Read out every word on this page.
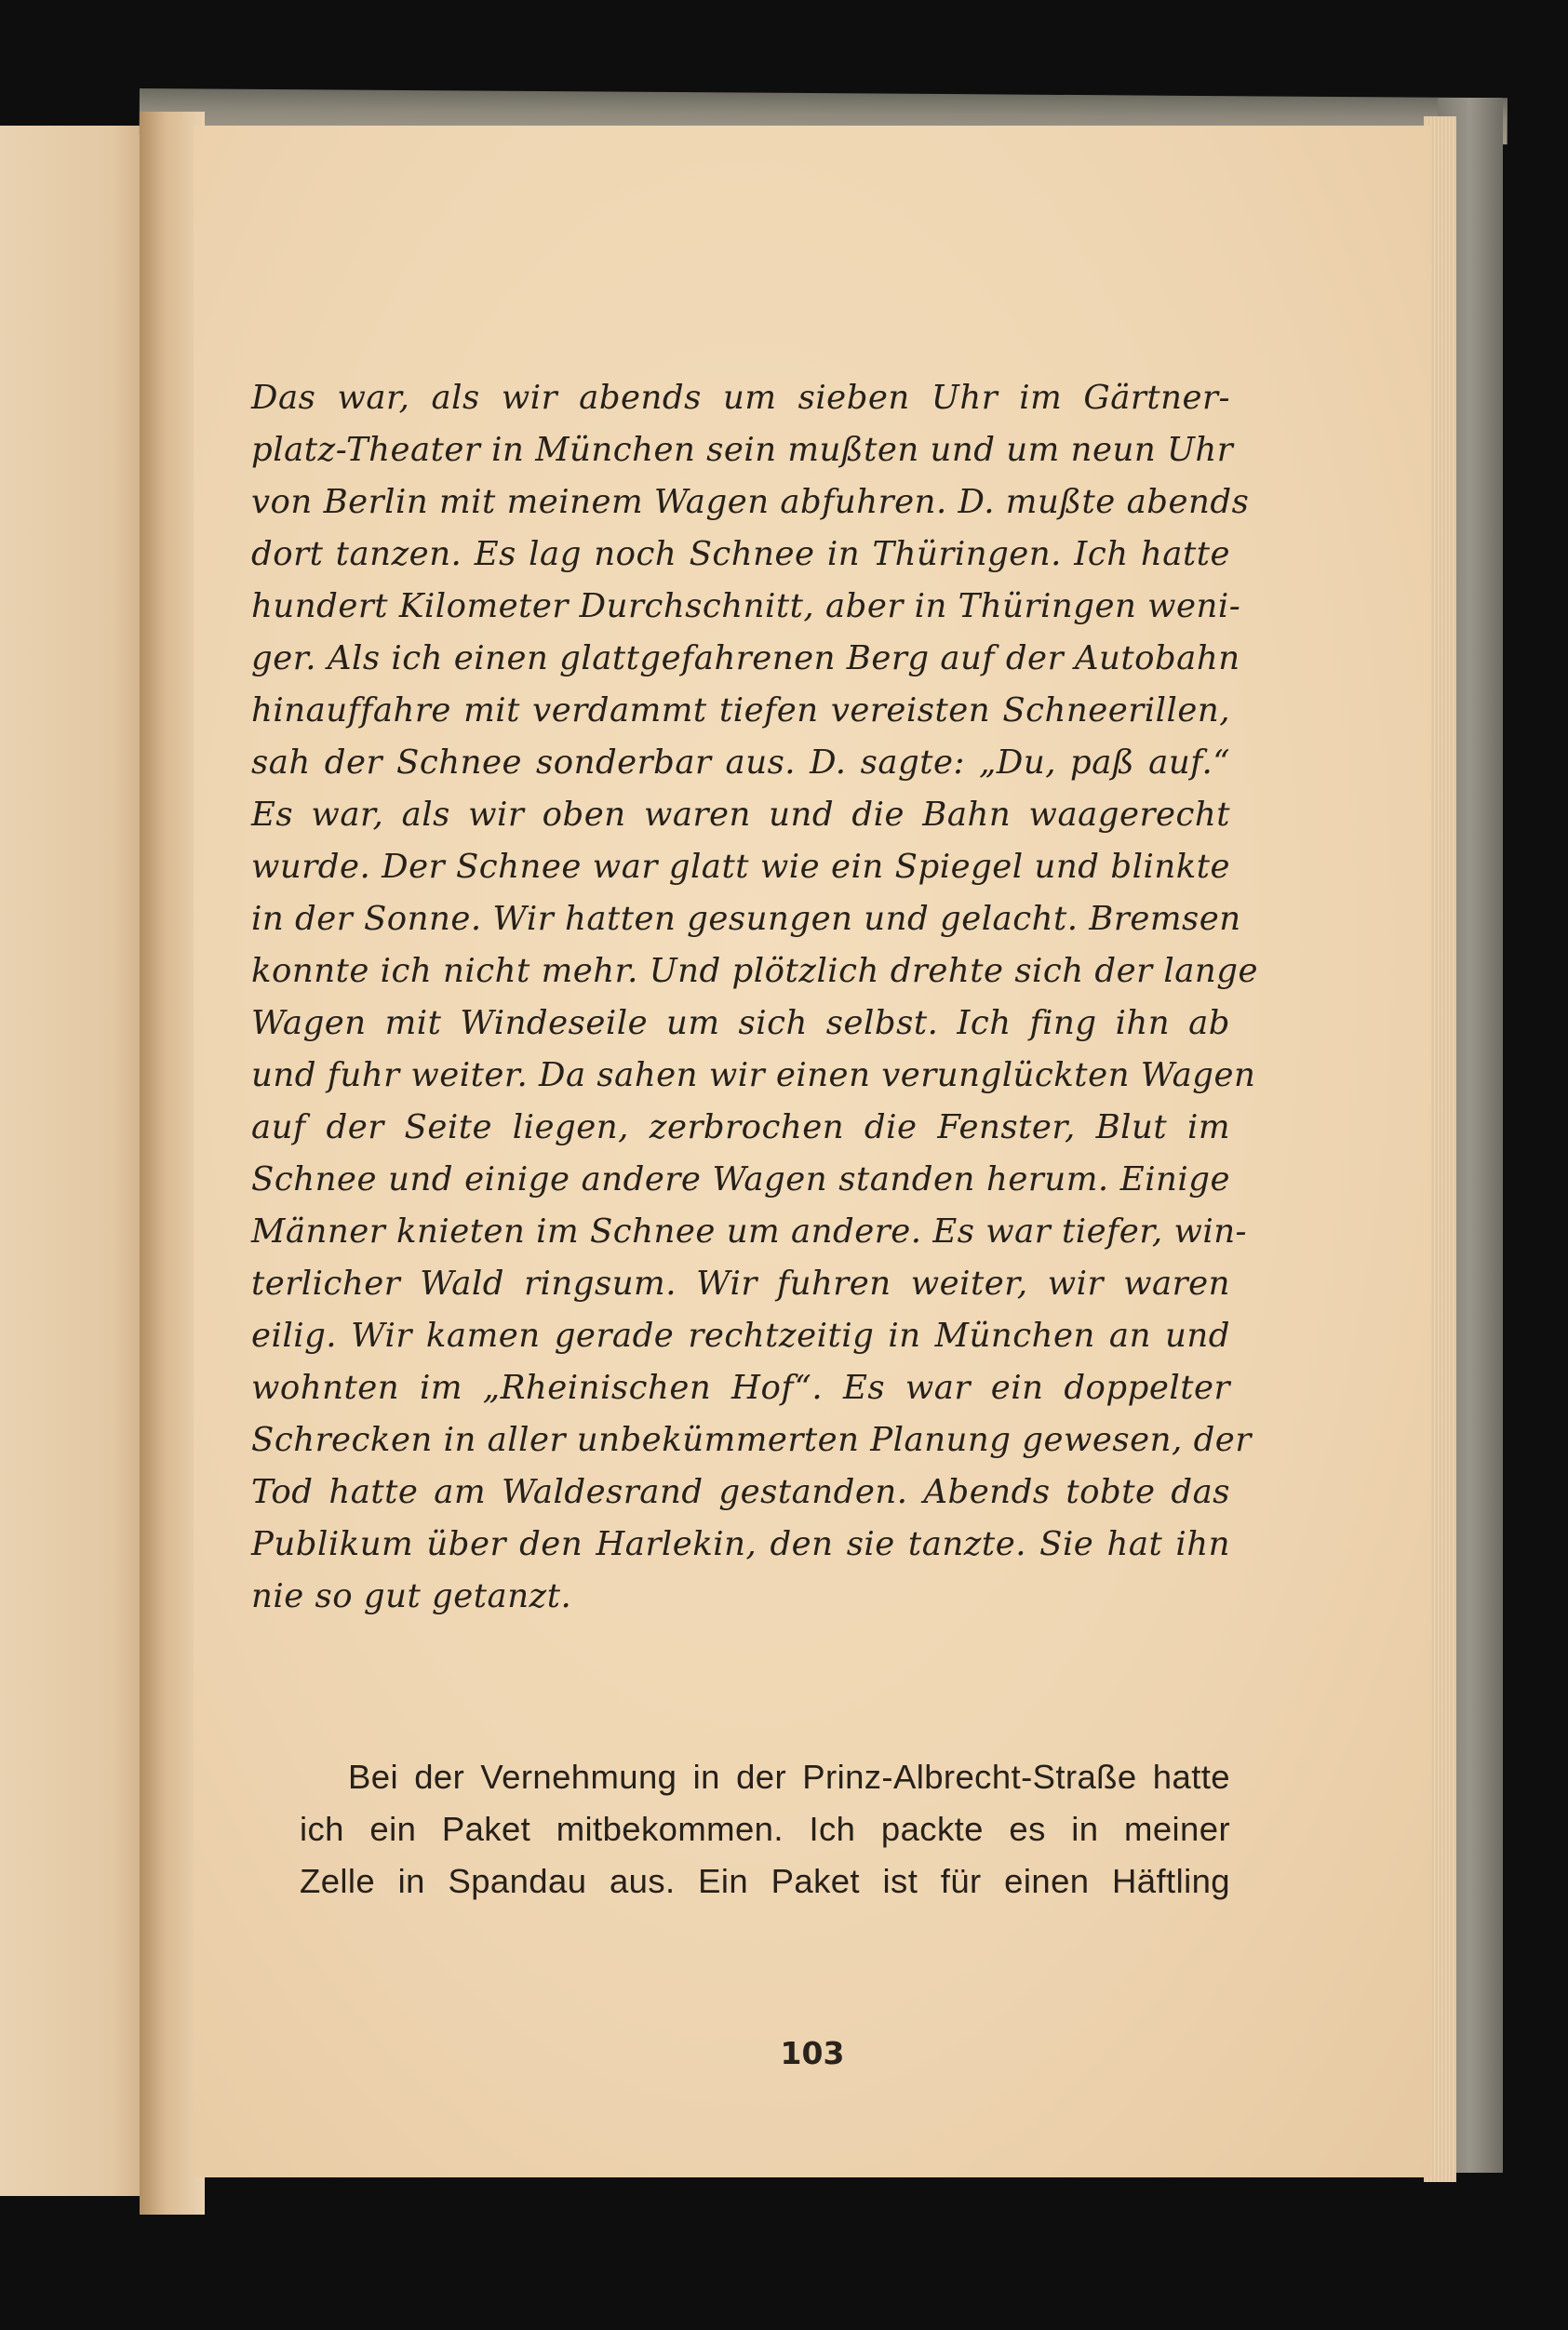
103

Das war, als wir abends um sieben Uhr im Gärtner-
platz-Theater in München sein mußten und um neun Uhr
von Berlin mit meinem Wagen abfuhren. D. mußte abends
dort tanzen. Es lag noch Schnee in Thüringen. Ich hatte
hundert Kilometer Durchschnitt, aber in Thüringen weni-
ger. Als ich einen glattgefahrenen Berg auf der Autobahn
hinauffahre mit verdammt tiefen vereisten Schneerillen,
sah der Schnee sonderbar aus. D. sagte: „Du, paß auf.“
Es war, als wir oben waren und die Bahn waagerecht
wurde. Der Schnee war glatt wie ein Spiegel und blinkte
in der Sonne. Wir hatten gesungen und gelacht. Bremsen
konnte ich nicht mehr. Und plötzlich drehte sich der lange
Wagen mit Windeseile um sich selbst. Ich fing ihn ab
und fuhr weiter. Da sahen wir einen verunglückten Wagen
auf der Seite liegen, zerbrochen die Fenster, Blut im
Schnee und einige andere Wagen standen herum. Einige
Männer knieten im Schnee um andere. Es war tiefer, win-
terlicher Wald ringsum. Wir fuhren weiter, wir waren
eilig. Wir kamen gerade rechtzeitig in München an und
wohnten im „Rheinischen Hof“. Es war ein doppelter
Schrecken in aller unbekümmerten Planung gewesen, der
Tod hatte am Waldesrand gestanden. Abends tobte das
Publikum über den Harlekin, den sie tanzte. Sie hat ihn
nie so gut getanzt.

Bei der Vernehmung in der Prinz-Albrecht-Straße hatte
ich ein Paket mitbekommen. Ich packte es in meiner
Zelle in Spandau aus. Ein Paket ist für einen Häftling
